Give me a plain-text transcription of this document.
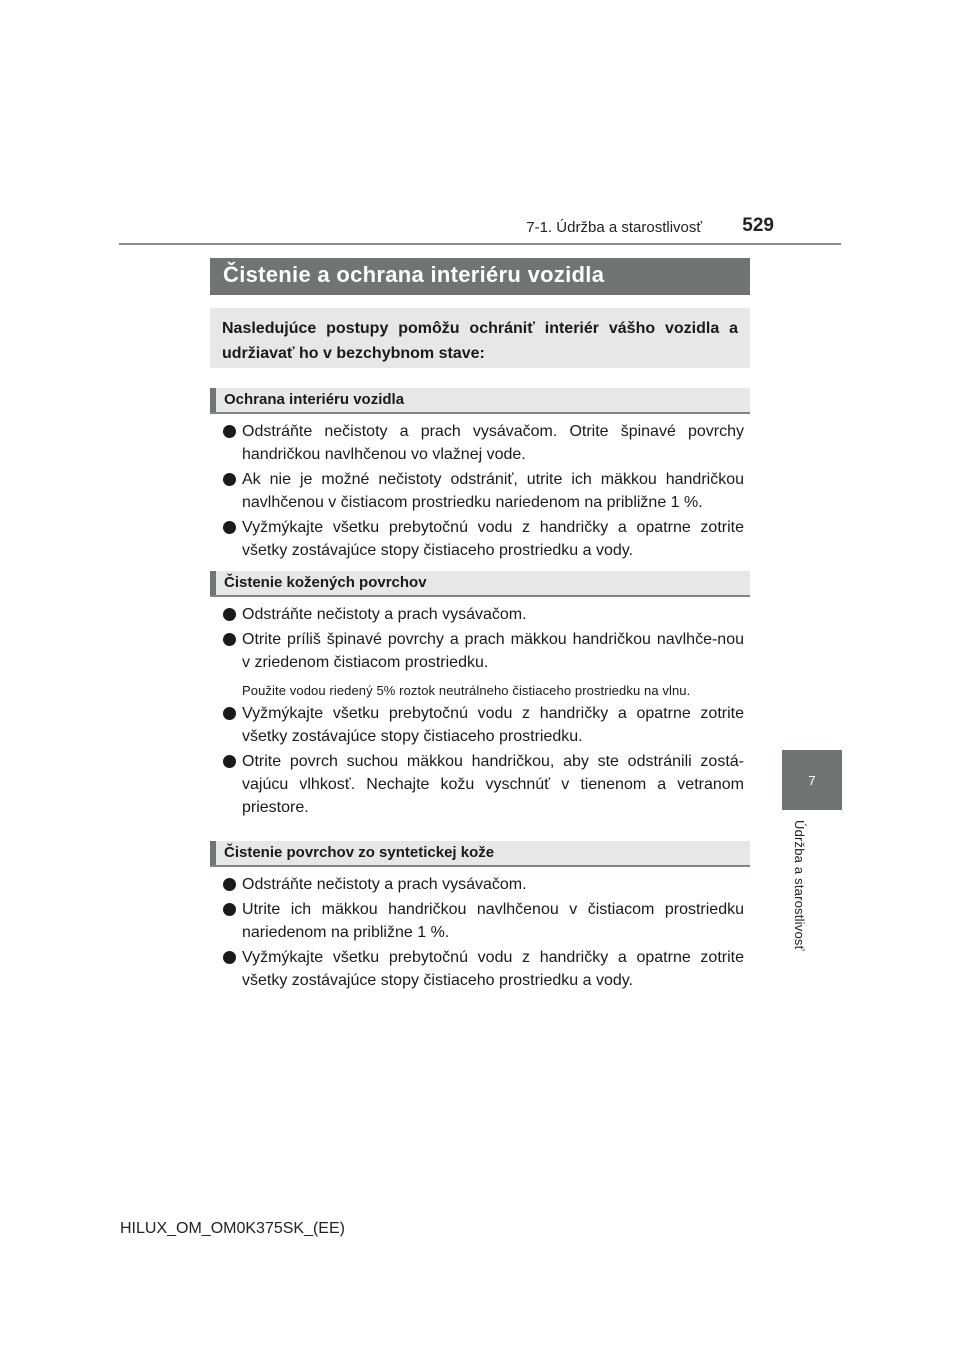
7-1. Údržba a starostlivosť	529
7
Údržba a starostlivosť
Čistenie a ochrana interiéru vozidla
Nasledujúce postupy pomôžu ochrániť interiér vášho vozidla a udržiavať ho v bezchybnom stave:
Ochrana interiéru vozidla
Odstráňte nečistoty a prach vysávačom. Otrite špinavé povrchy handričkou navlhčenou vo vlažnej vode.
Ak nie je možné nečistoty odstrániť, utrite ich mäkkou handričkou navlhčenou v čistiacom prostriedku nariedenom na približne 1 %.
Vyžmýkajte všetku prebytočnú vodu z handričky a opatrne zotrite všetky zostávajúce stopy čistiaceho prostriedku a vody.
Čistenie kožených povrchov
Odstráňte nečistoty a prach vysávačom.
Otrite príliš špinavé povrchy a prach mäkkou handričkou navlhče-nou v zriedenom čistiacom prostriedku.
Použite vodou riedený 5% roztok neutrálneho čistiaceho prostriedku na vlnu.
Vyžmýkajte všetku prebytočnú vodu z handričky a opatrne zotrite všetky zostávajúce stopy čistiaceho prostriedku.
Otrite povrch suchou mäkkou handričkou, aby ste odstránili zostá-vajúcu vlhkosť. Nechajte kožu vyschnúť v tienenom a vetranom priestore.
Čistenie povrchov zo syntetickej kože
Odstráňte nečistoty a prach vysávačom.
Utrite ich mäkkou handričkou navlhčenou v čistiacom prostriedku nariedenom na približne 1 %.
Vyžmýkajte všetku prebytočnú vodu z handričky a opatrne zotrite všetky zostávajúce stopy čistiaceho prostriedku a vody.
HILUX_OM_OM0K375SK_(EE)
